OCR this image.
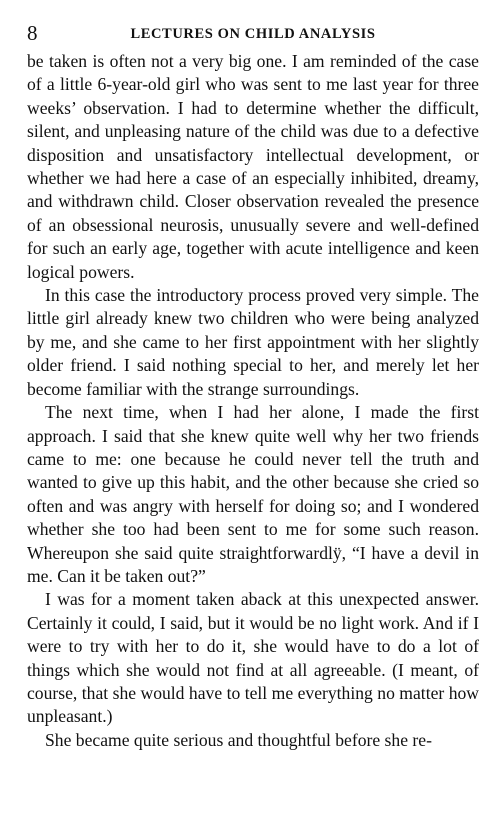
8	LECTURES ON CHILD ANALYSIS

be taken is often not a very big one. I am reminded of the case of a little 6-year-old girl who was sent to me last year for three weeks’ observation. I had to determine whether the difficult, silent, and unpleasing nature of the child was due to a defective disposition and unsatisfactory intellectual development, or whether we had here a case of an especially inhibited, dreamy, and withdrawn child. Closer observation revealed the presence of an obsessional neurosis, unusually severe and well-defined for such an early age, together with acute intelligence and keen logical powers.

In this case the introductory process proved very simple. The little girl already knew two children who were being analyzed by me, and she came to her first appointment with her slightly older friend. I said nothing special to her, and merely let her become familiar with the strange surroundings.

The next time, when I had her alone, I made the first approach. I said that she knew quite well why her two friends came to me: one because he could never tell the truth and wanted to give up this habit, and the other because she cried so often and was angry with herself for doing so; and I wondered whether she too had been sent to me for some such reason. Whereupon she said quite straightforwardlÿ, “I have a devil in me. Can it be taken out?”

I was for a moment taken aback at this unexpected answer. Certainly it could, I said, but it would be no light work. And if I were to try with her to do it, she would have to do a lot of things which she would not find at all agreeable. (I meant, of course, that she would have to tell me everything no matter how unpleasant.)

She became quite serious and thoughtful before she re-
